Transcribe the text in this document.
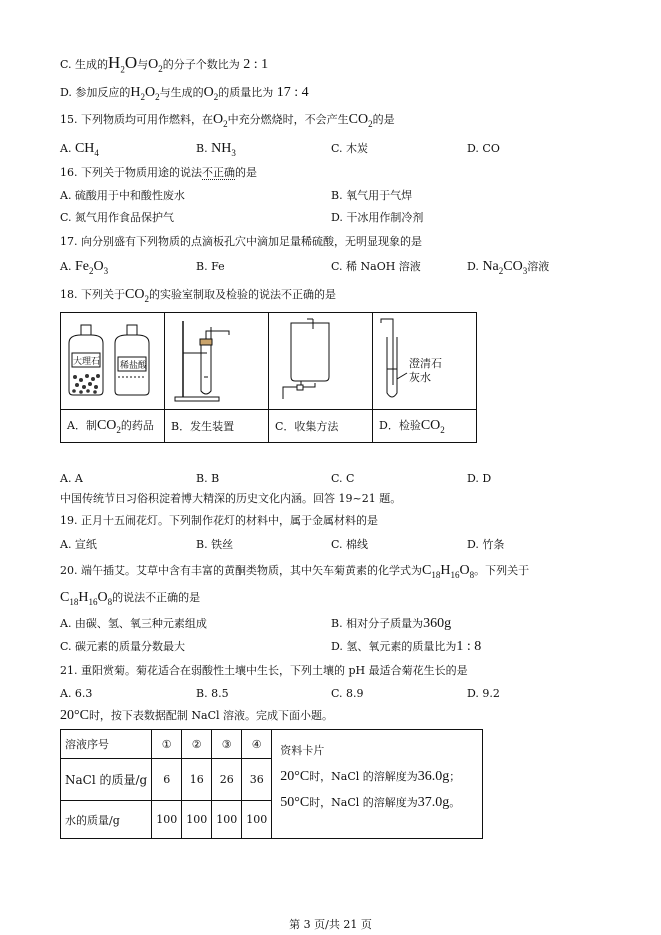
C. 生成的$H_2O$与$O_2$的分子个数比为 2 : 1
D. 参加反应的$H_2O_2$与生成的$O_2$的质量比为 17 : 4
15. 下列物质均可用作燃料，在$O_2$中充分燃烧时，不会产生$CO_2$的是
A. $CH_4$	B. $NH_3$	C. 木炭	D. CO
16. 下列关于物质用途的说法不正确的是
A. 硫酸用于中和酸性废水	B. 氧气用于气焊
C. 氮气用作食品保护气	D. 干冰用作制冷剂
17. 向分别盛有下列物质的点滴板孔穴中滴加足量稀硫酸，无明显现象的是
A. $Fe_2O_3$	B. Fe	C. 稀 NaOH 溶液	D. $Na_2CO_3$溶液
18. 下列关于$CO_2$的实验室制取及检验的说法不正确的是
大理石 稀盐酸			澄清石灰水

A．制$CO_2$的药品	B．发生装置	C．收集方法	D．检验$CO_2$
A. A	B. B	C. C	D. D
中国传统节日习俗积淀着博大精深的历史文化内涵。回答 19~21 题。
19. 正月十五闹花灯。下列制作花灯的材料中，属于金属材料的是
A. 宣纸	B. 铁丝	C. 棉线	D. 竹条
20. 端午插艾。艾草中含有丰富的黄酮类物质，其中矢车菊黄素的化学式为$C_{18}H_{16}O_8$。下列关于
$C_{18}H_{16}O_8$的说法不正确的是
A. 由碳、氢、氧三种元素组成	B. 相对分子质量为360g
C. 碳元素的质量分数最大	D. 氢、氧元素的质量比为1 : 8
21. 重阳赏菊。菊花适合在弱酸性土壤中生长，下列土壤的 pH 最适合菊花生长的是
A. 6.3	B. 8.5	C. 8.9	D. 9.2
20°C时，按下表数据配制 NaCl 溶液。完成下面小题。
溶液序号	①	②	③	④	资料卡片
20°C时，NaCl 的溶解度为36.0g；
50°C时，NaCl 的溶解度为37.0g。

NaCl 的质量/g	6	16	26	36	
水的质量/g	100	100	100	100	
第 3 页/共 21 页
